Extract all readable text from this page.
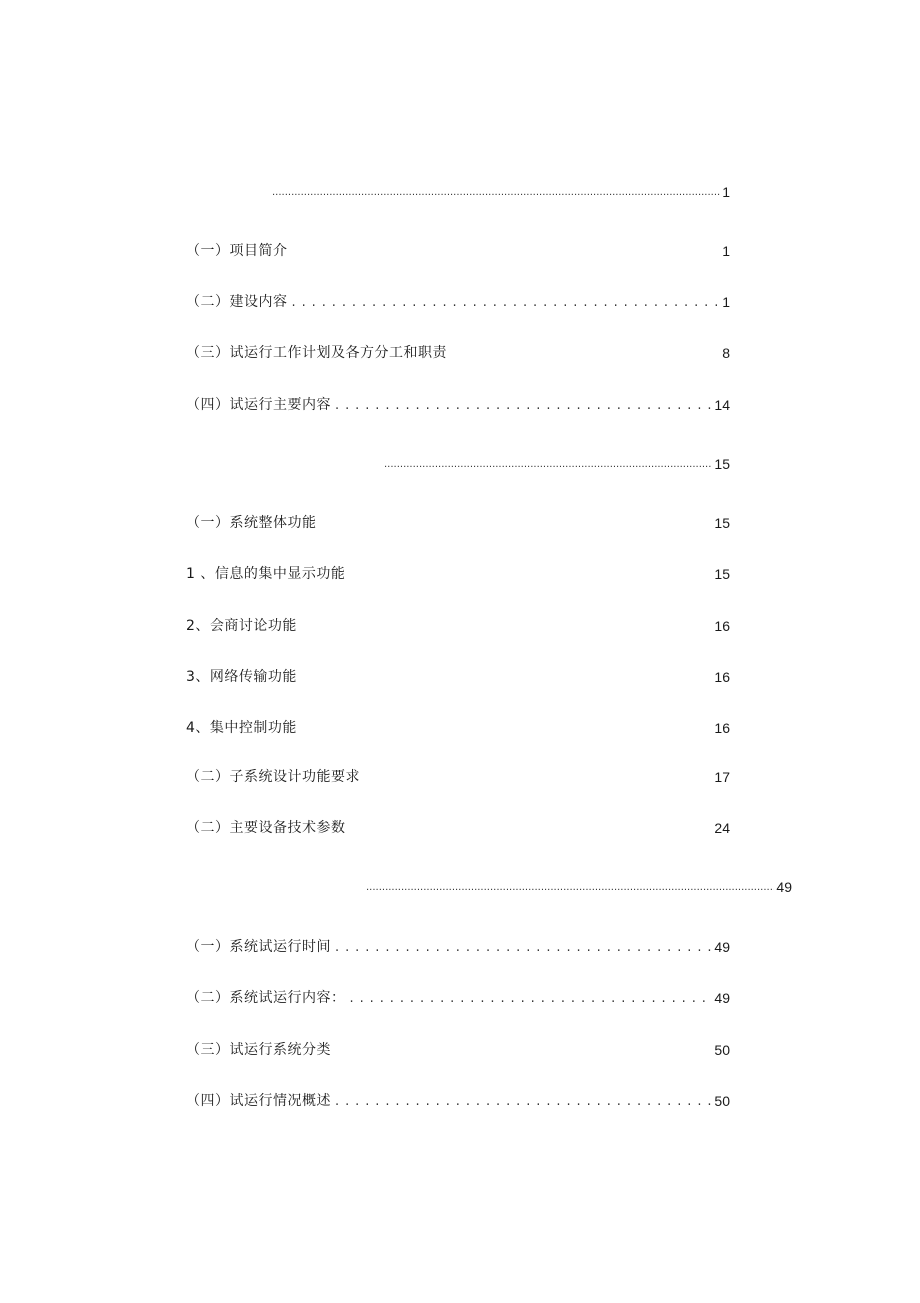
.....
1
（一）项目简介	1
（二）建设内容 . . .	1
（三）试运行工作计划及各方分工和职责	8
（四）试运行主要内容 . . .	14
.....
15
（一）系统整体功能	15
1 、信息的集中显示功能	15
2、会商讨论功能	16
3、网络传输功能	16
4、集中控制功能	16
（二）子系统设计功能要求	17
（二）主要设备技术参数	24
.....
49
（一）系统试运行时间 . . .	49
（二）系统试运行内容： . . .	49
（三）试运行系统分类	50
（四）试运行情况概述 . . .	50
